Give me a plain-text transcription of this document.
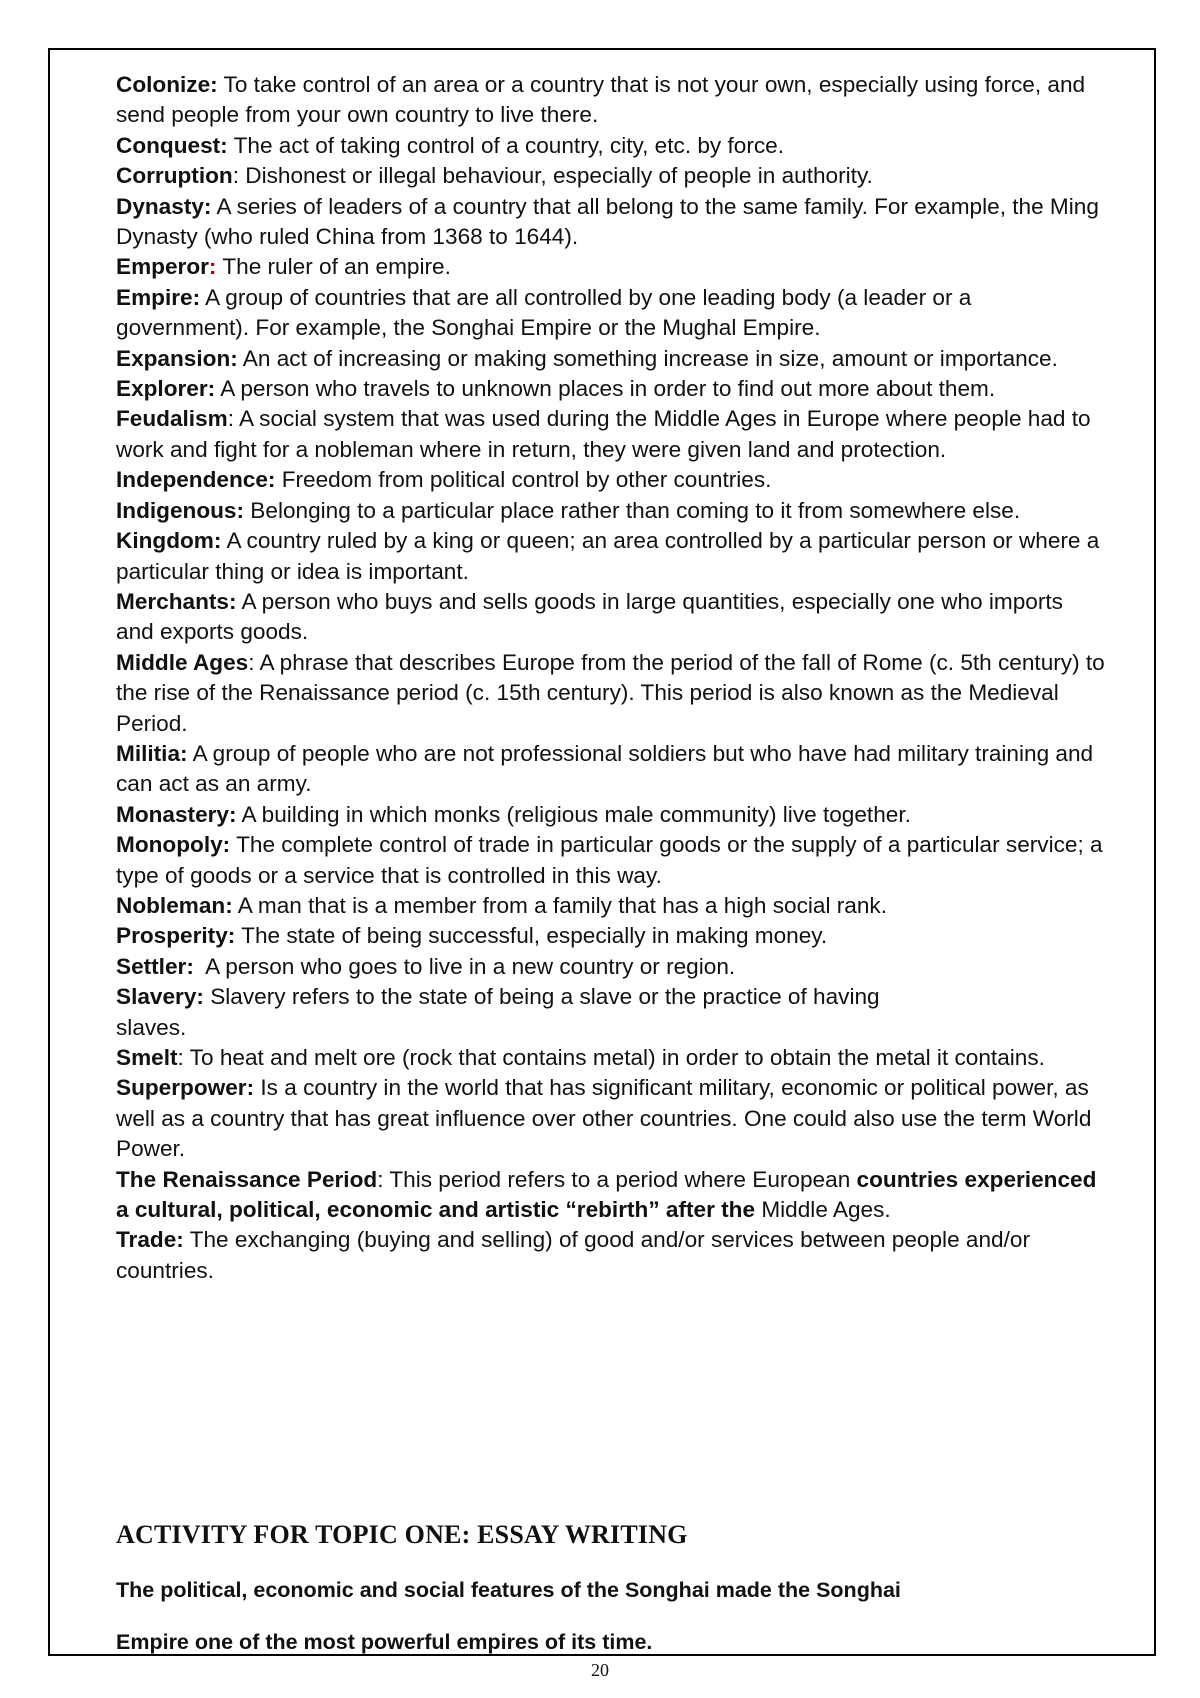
Colonize: To take control of an area or a country that is not your own, especially using force, and send people from your own country to live there.

Conquest: The act of taking control of a country, city, etc. by force.

Corruption: Dishonest or illegal behaviour, especially of people in authority.

Dynasty: A series of leaders of a country that all belong to the same family. For example, the Ming Dynasty (who ruled China from 1368 to 1644).

Emperor: The ruler of an empire.

Empire: A group of countries that are all controlled by one leading body (a leader or a government). For example, the Songhai Empire or the Mughal Empire.

Expansion: An act of increasing or making something increase in size, amount or importance.

Explorer: A person who travels to unknown places in order to find out more about them.

Feudalism: A social system that was used during the Middle Ages in Europe where people had to work and fight for a nobleman where in return, they were given land and protection.

Independence: Freedom from political control by other countries.

Indigenous: Belonging to a particular place rather than coming to it from somewhere else.

Kingdom: A country ruled by a king or queen; an area controlled by a particular person or where a particular thing or idea is important.

Merchants: A person who buys and sells goods in large quantities, especially one who imports and exports goods.

Middle Ages: A phrase that describes Europe from the period of the fall of Rome (c. 5th century) to the rise of the Renaissance period (c. 15th century). This period is also known as the Medieval Period.

Militia: A group of people who are not professional soldiers but who have had military training and can act as an army.

Monastery: A building in which monks (religious male community) live together.

Monopoly: The complete control of trade in particular goods or the supply of a particular service; a type of goods or a service that is controlled in this way.

Nobleman: A man that is a member from a family that has a high social rank.

Prosperity: The state of being successful, especially in making money.

Settler:  A person who goes to live in a new country or region.

Slavery: Slavery refers to the state of being a slave or the practice of having slaves.

Smelt: To heat and melt ore (rock that contains metal) in order to obtain the metal it contains.

Superpower: Is a country in the world that has significant military, economic or political power, as well as a country that has great influence over other countries. One could also use the term World Power.

The Renaissance Period: This period refers to a period where European countries experienced a cultural, political, economic and artistic “rebirth” after the Middle Ages.

Trade: The exchanging (buying and selling) of good and/or services between people and/or countries.

ACTIVITY FOR TOPIC ONE: ESSAY WRITING
The political, economic and social features of the Songhai made the Songhai
Empire one of the most powerful empires of its time.
20
